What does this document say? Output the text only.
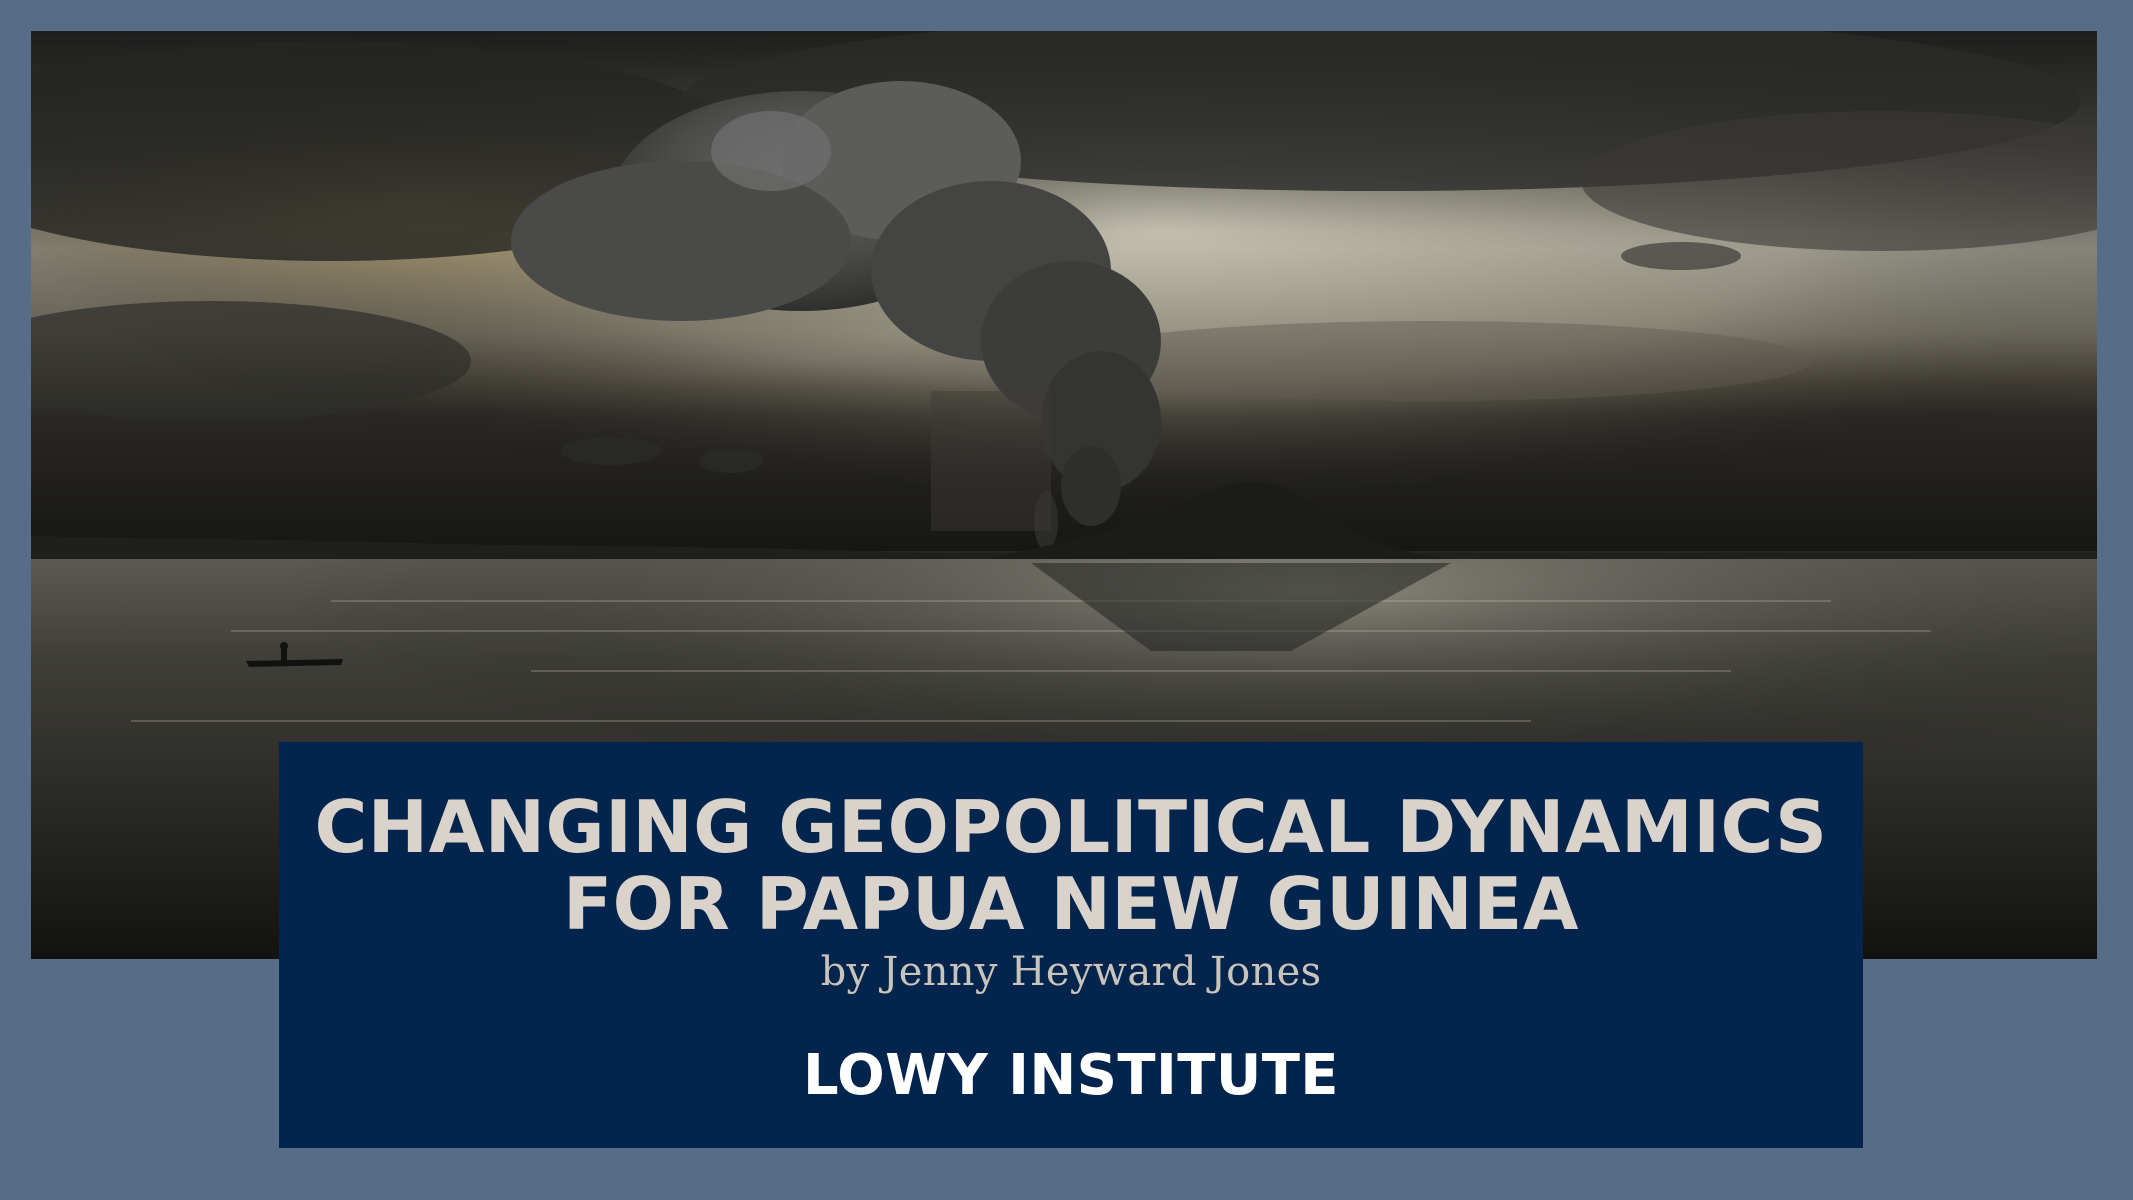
CHANGING GEOPOLITICAL DYNAMICS
FOR PAPUA NEW GUINEA
by Jenny Heyward Jones
LOWY INSTITUTE
